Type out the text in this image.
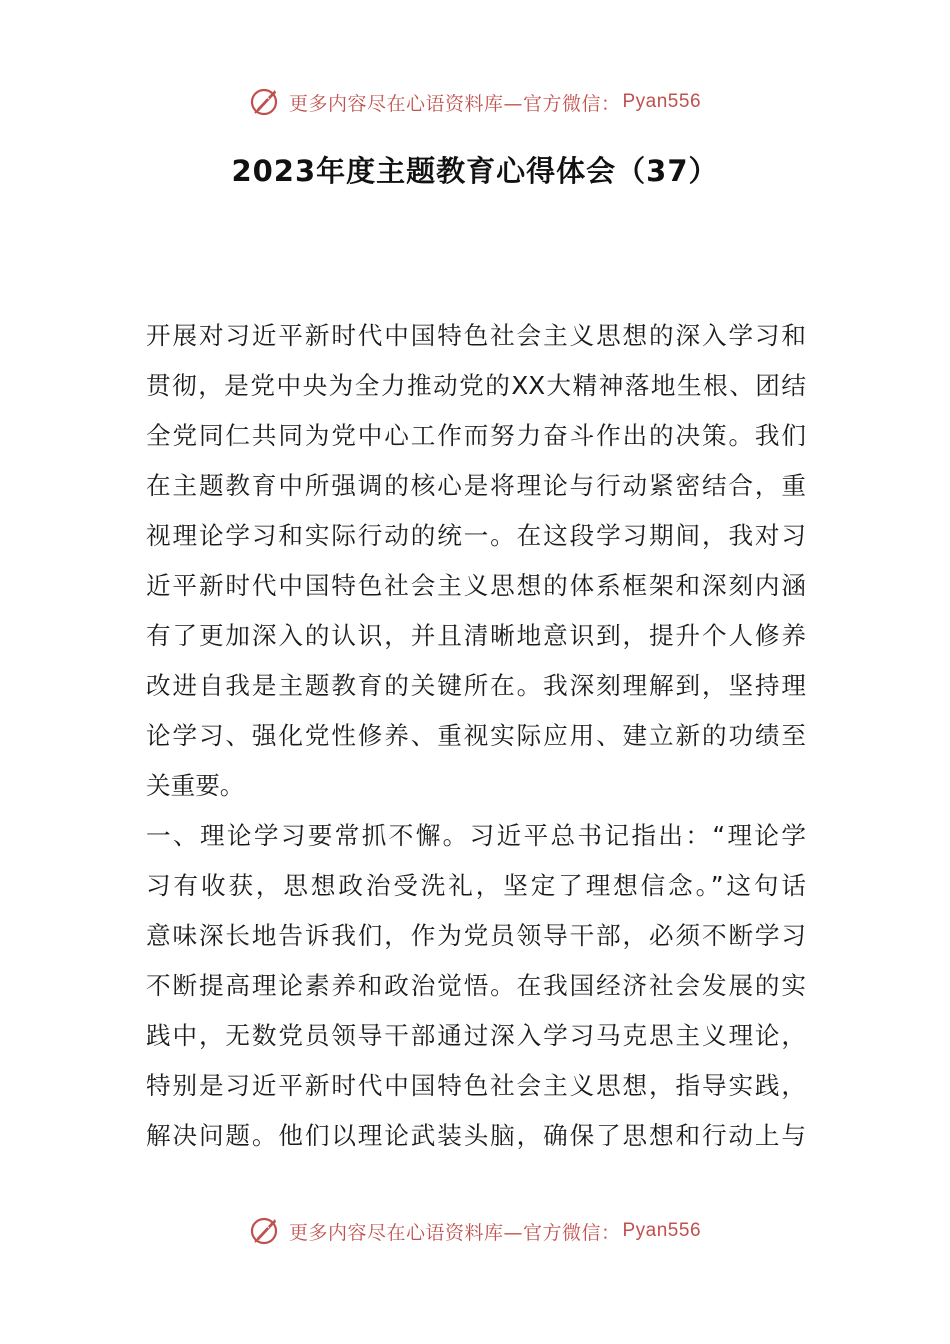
更多内容尽在心语资料库—官方微信： Pyan556
2023年度主题教育心得体会（37）
开展对习近平新时代中国特色社会主义思想的深入学习和
贯彻，是党中央为全力推动党的XX大精神落地生根、团结
全党同仁共同为党中心工作而努力奋斗作出的决策。我们
在主题教育中所强调的核心是将理论与行动紧密结合，重
视理论学习和实际行动的统一。在这段学习期间，我对习
近平新时代中国特色社会主义思想的体系框架和深刻内涵
有了更加深入的认识，并且清晰地意识到，提升个人修养
改进自我是主题教育的关键所在。我深刻理解到，坚持理
论学习、强化党性修养、重视实际应用、建立新的功绩至
关重要。
一、理论学习要常抓不懈。习近平总书记指出：“理论学
习有收获，思想政治受洗礼，坚定了理想信念。”这句话
意味深长地告诉我们，作为党员领导干部，必须不断学习
不断提高理论素养和政治觉悟。在我国经济社会发展的实
践中，无数党员领导干部通过深入学习马克思主义理论，
特别是习近平新时代中国特色社会主义思想，指导实践，
解决问题。他们以理论武装头脑，确保了思想和行动上与
更多内容尽在心语资料库—官方微信： Pyan556
